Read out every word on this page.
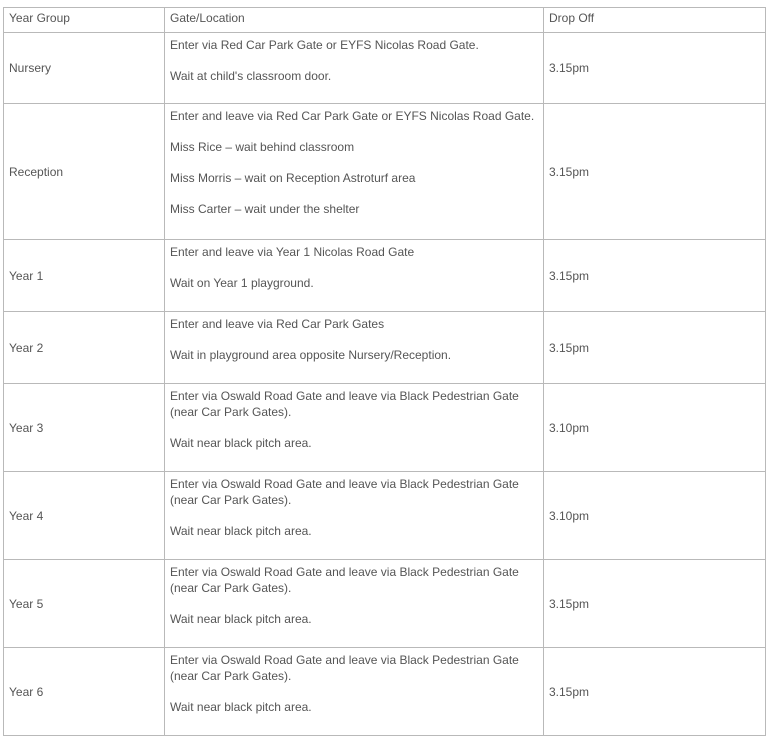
Year Group	Gate/Location	Drop Off
Nursery	Enter via Red Car Park Gate or EYFS Nicolas Road Gate.

Wait at child's classroom door.	3.15pm
Reception	Enter and leave via Red Car Park Gate or EYFS Nicolas Road Gate.

Miss Rice – wait behind classroom

Miss Morris – wait on Reception Astroturf area

Miss Carter – wait under the shelter	3.15pm
Year 1	Enter and leave via Year 1 Nicolas Road Gate

Wait on Year 1 playground.	3.15pm
Year 2	Enter and leave via Red Car Park Gates

Wait in playground area opposite Nursery/Reception.	3.15pm
Year 3	Enter via Oswald Road Gate and leave via Black Pedestrian Gate
(near Car Park Gates).

Wait near black pitch area.	3.10pm
Year 4	Enter via Oswald Road Gate and leave via Black Pedestrian Gate
(near Car Park Gates).

Wait near black pitch area.	3.10pm
Year 5	Enter via Oswald Road Gate and leave via Black Pedestrian Gate
(near Car Park Gates).

Wait near black pitch area.	3.15pm
Year 6	Enter via Oswald Road Gate and leave via Black Pedestrian Gate
(near Car Park Gates).

Wait near black pitch area.	3.15pm
